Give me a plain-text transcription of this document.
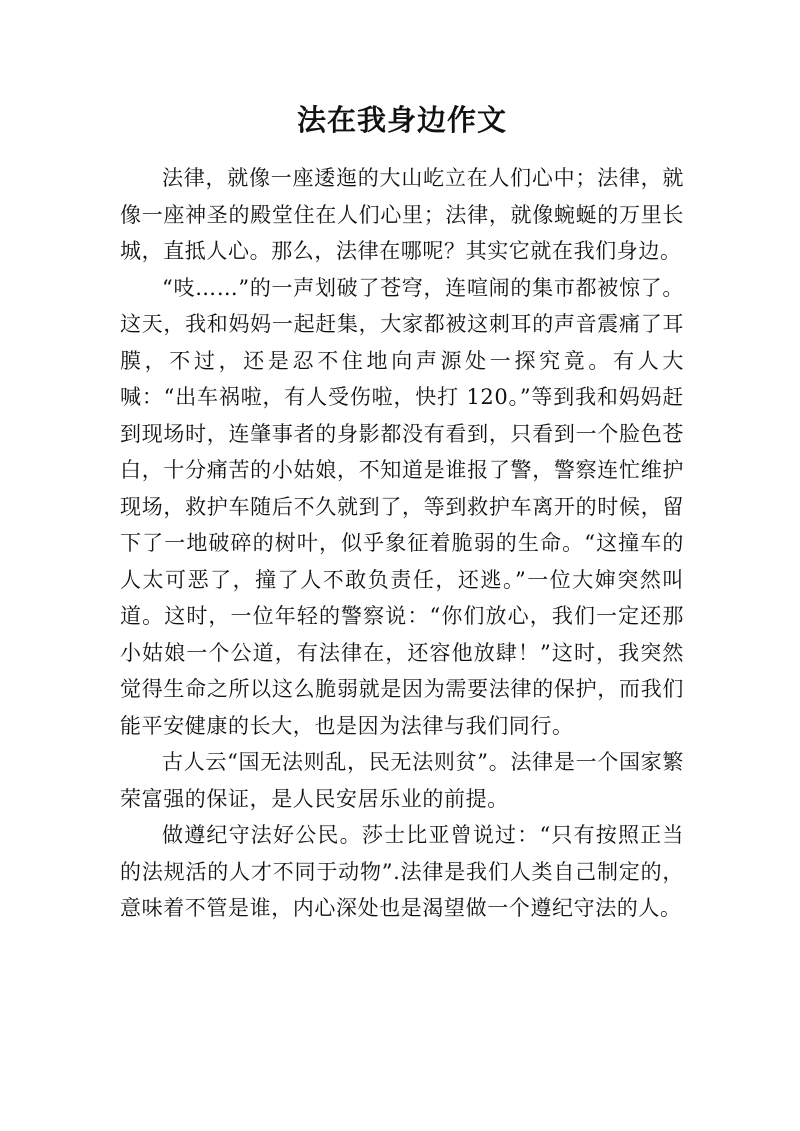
法在我身边作文

法律，就像一座逶迤的大山屹立在人们心中；法律，就像一座神圣的殿堂住在人们心里；法律，就像蜿蜒的万里长城，直抵人心。那么，法律在哪呢？其实它就在我们身边。

“吱……”的一声划破了苍穹，连喧闹的集市都被惊了。这天，我和妈妈一起赶集，大家都被这刺耳的声音震痛了耳膜，不过，还是忍不住地向声源处一探究竟。有人大喊：“出车祸啦，有人受伤啦，快打 120。”等到我和妈妈赶到现场时，连肇事者的身影都没有看到，只看到一个脸色苍白，十分痛苦的小姑娘，不知道是谁报了警，警察连忙维护现场，救护车随后不久就到了，等到救护车离开的时候，留下了一地破碎的树叶，似乎象征着脆弱的生命。“这撞车的人太可恶了，撞了人不敢负责任，还逃。”一位大婶突然叫道。这时，一位年轻的警察说：“你们放心，我们一定还那小姑娘一个公道，有法律在，还容他放肆！”这时，我突然觉得生命之所以这么脆弱就是因为需要法律的保护，而我们能平安健康的长大，也是因为法律与我们同行。

古人云“国无法则乱，民无法则贫”。法律是一个国家繁荣富强的保证，是人民安居乐业的前提。

做遵纪守法好公民。莎士比亚曾说过：“只有按照正当的法规活的人才不同于动物”.法律是我们人类自己制定的，意味着不管是谁，内心深处也是渴望做一个遵纪守法的人。
